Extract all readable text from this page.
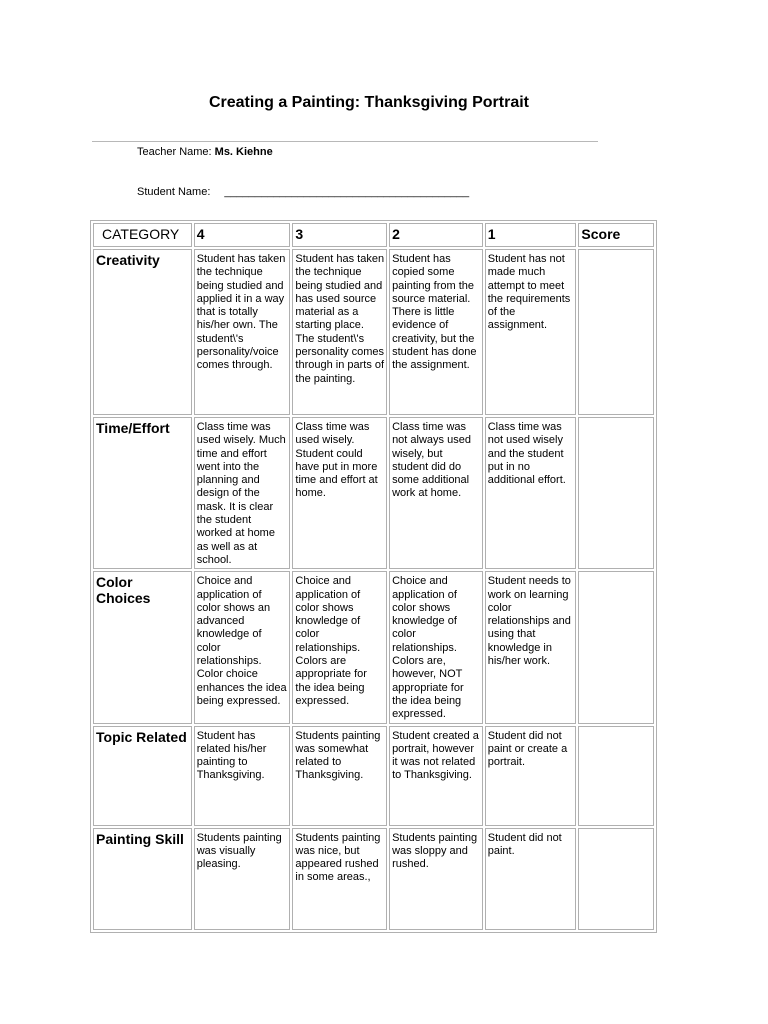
Creating a Painting: Thanksgiving Portrait
Teacher Name: Ms. Kiehne
Student Name: ________________________________________
CATEGORY	4	3	2	1	Score
Creativity	Student has taken the technique being studied and applied it in a way that is totally his/her own. The student\'s personality/voice comes through.	Student has taken the technique being studied and has used source material as a starting place. The student\'s personality comes through in parts of the painting.	Student has copied some painting from the source material. There is little evidence of creativity, but the student has done the assignment.	Student has not made much attempt to meet the requirements of the assignment.	
Time/Effort	Class time was used wisely. Much time and effort went into the planning and design of the mask. It is clear the student worked at home as well as at school.	Class time was used wisely. Student could have put in more time and effort at home.	Class time was not always used wisely, but student did do some additional work at home.	Class time was not used wisely and the student put in no additional effort.	
Color Choices	Choice and application of color shows an advanced knowledge of color relationships. Color choice enhances the idea being expressed.	Choice and application of color shows knowledge of color relationships. Colors are appropriate for the idea being expressed.	Choice and application of color shows knowledge of color relationships. Colors are, however, NOT appropriate for the idea being expressed.	Student needs to work on learning color relationships and using that knowledge in his/her work.	
Topic Related	Student has related his/her painting to Thanksgiving.	Students painting was somewhat related to Thanksgiving.	Student created a portrait, however it was not related to Thanksgiving.	Student did not paint or create a portrait.	
Painting Skill	Students painting was visually pleasing.	Students painting was nice, but appeared rushed in some areas.,	Students painting was sloppy and rushed.	Student did not paint.	
